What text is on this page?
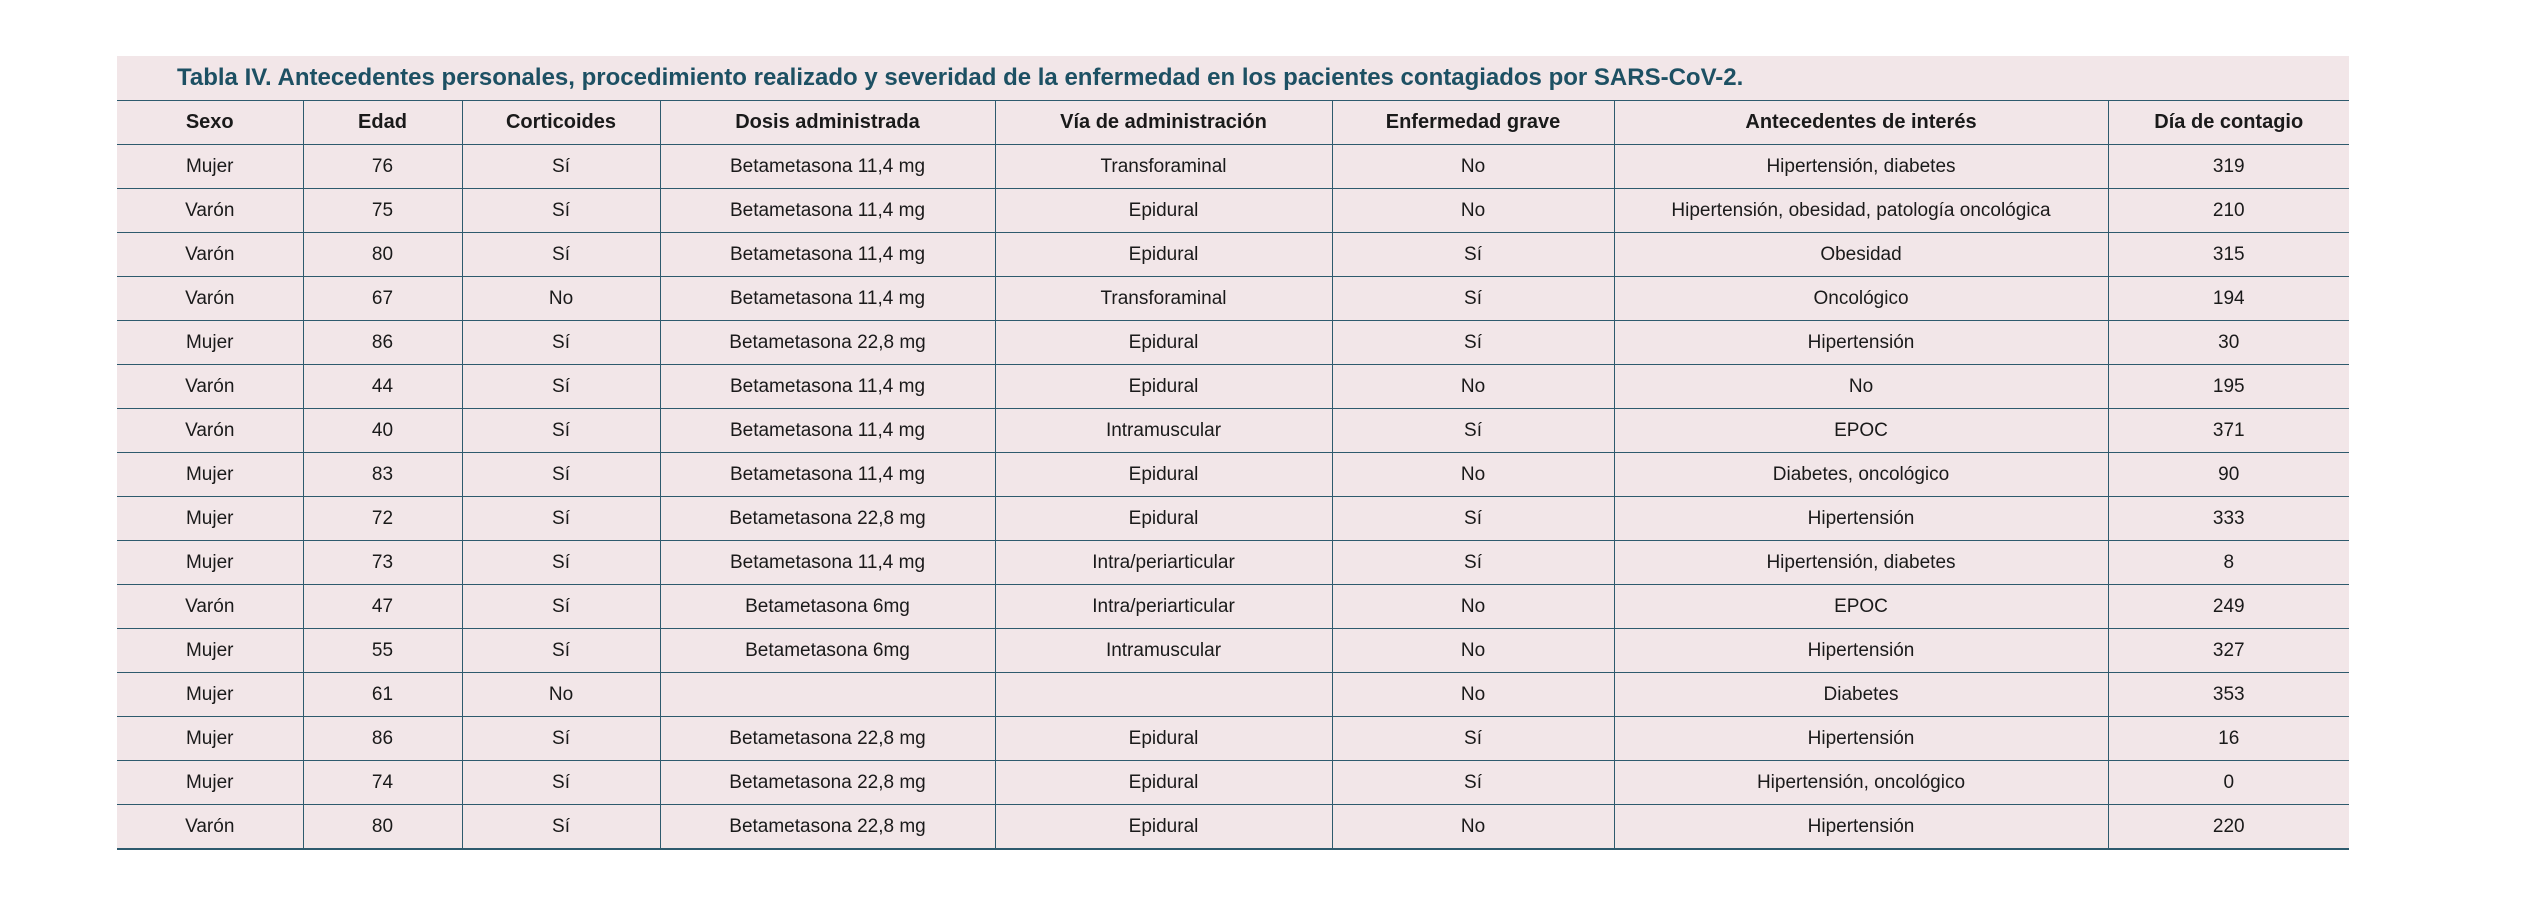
Tabla IV. Antecedentes personales, procedimiento realizado y severidad de la enfermedad en los pacientes contagiados por SARS-CoV-2.
Sexo	Edad	Corticoides	Dosis administrada	Vía de administración	Enfermedad grave	Antecedentes de interés	Día de contagio
Mujer	76	Sí	Betametasona 11,4 mg	Transforaminal	No	Hipertensión, diabetes	319
Varón	75	Sí	Betametasona 11,4 mg	Epidural	No	Hipertensión, obesidad, patología oncológica	210
Varón	80	Sí	Betametasona 11,4 mg	Epidural	Sí	Obesidad	315
Varón	67	No	Betametasona 11,4 mg	Transforaminal	Sí	Oncológico	194
Mujer	86	Sí	Betametasona 22,8 mg	Epidural	Sí	Hipertensión	30
Varón	44	Sí	Betametasona 11,4 mg	Epidural	No	No	195
Varón	40	Sí	Betametasona 11,4 mg	Intramuscular	Sí	EPOC	371
Mujer	83	Sí	Betametasona 11,4 mg	Epidural	No	Diabetes, oncológico	90
Mujer	72	Sí	Betametasona 22,8 mg	Epidural	Sí	Hipertensión	333
Mujer	73	Sí	Betametasona 11,4 mg	Intra/periarticular	Sí	Hipertensión, diabetes	8
Varón	47	Sí	Betametasona 6mg	Intra/periarticular	No	EPOC	249
Mujer	55	Sí	Betametasona 6mg	Intramuscular	No	Hipertensión	327
Mujer	61	No			No	Diabetes	353
Mujer	86	Sí	Betametasona 22,8 mg	Epidural	Sí	Hipertensión	16
Mujer	74	Sí	Betametasona 22,8 mg	Epidural	Sí	Hipertensión, oncológico	0
Varón	80	Sí	Betametasona 22,8 mg	Epidural	No	Hipertensión	220
